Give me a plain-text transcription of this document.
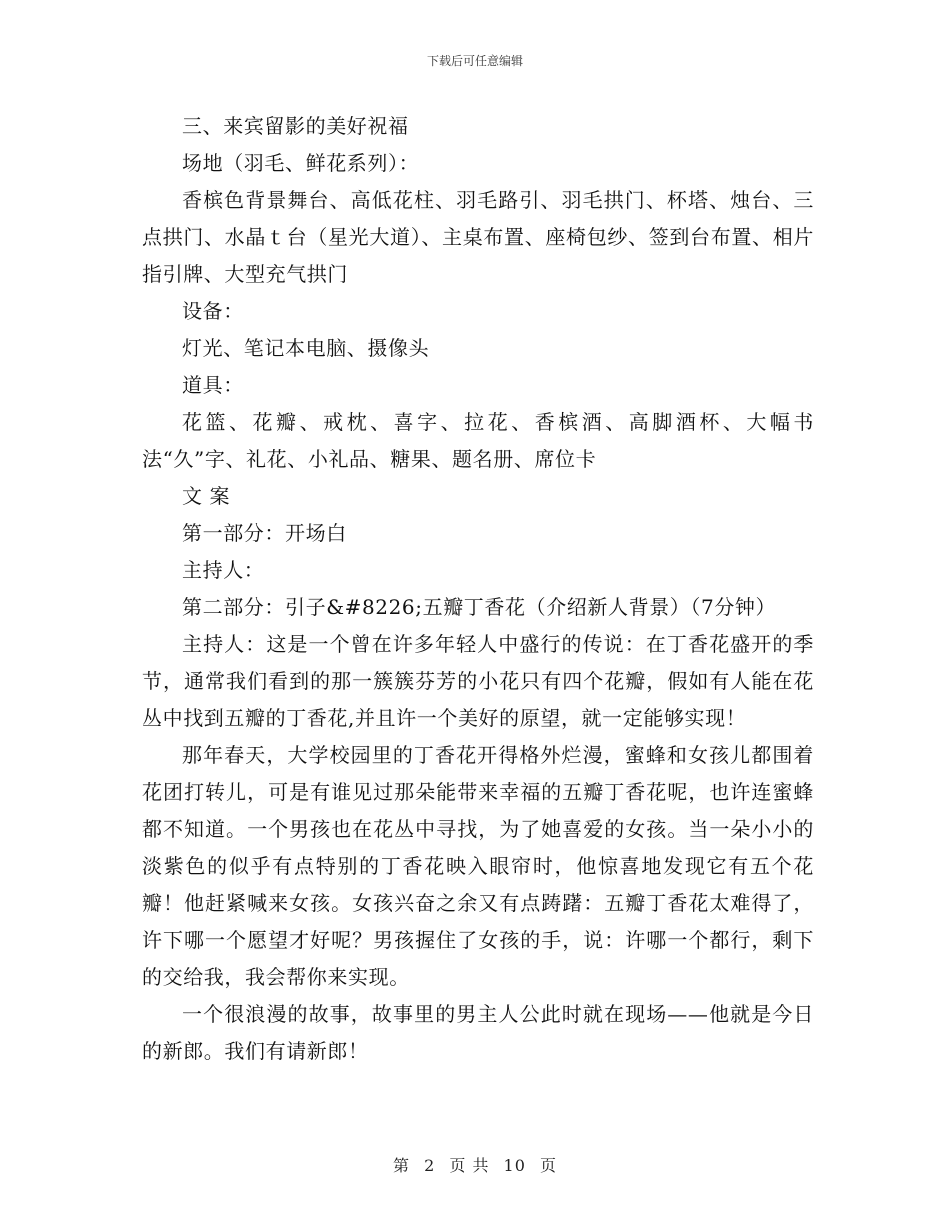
下载后可任意编辑

三、来宾留影的美好祝福

场地（羽毛、鲜花系列）：

香槟色背景舞台、高低花柱、羽毛路引、羽毛拱门、杯塔、烛台、三点拱门、水晶ｔ台（星光大道）、主桌布置、座椅包纱、签到台布置、相片指引牌、大型充气拱门

设备：

灯光、笔记本电脑、摄像头

道具：

花篮、花瓣、戒枕、喜字、拉花、香槟酒、高脚酒杯、大幅书法“久”字、礼花、小礼品、糖果、题名册、席位卡

文 案

第一部分：开场白

主持人：

第二部分：引子&#8226;五瓣丁香花（介绍新人背景）（7分钟）

主持人：这是一个曾在许多年轻人中盛行的传说：在丁香花盛开的季节，通常我们看到的那一簇簇芬芳的小花只有四个花瓣，假如有人能在花丛中找到五瓣的丁香花,并且许一个美好的原望，就一定能够实现！

那年春天，大学校园里的丁香花开得格外烂漫，蜜蜂和女孩儿都围着花团打转儿，可是有谁见过那朵能带来幸福的五瓣丁香花呢，也许连蜜蜂都不知道。一个男孩也在花丛中寻找，为了她喜爱的女孩。当一朵小小的淡紫色的似乎有点特别的丁香花映入眼帘时，他惊喜地发现它有五个花瓣！他赶紧喊来女孩。女孩兴奋之余又有点踌躇：五瓣丁香花太难得了，许下哪一个愿望才好呢？男孩握住了女孩的手，说：许哪一个都行，剩下的交给我，我会帮你来实现。

一个很浪漫的故事，故事里的男主人公此时就在现场——他就是今日的新郎。我们有请新郎！

第 2 页 共 10 页
